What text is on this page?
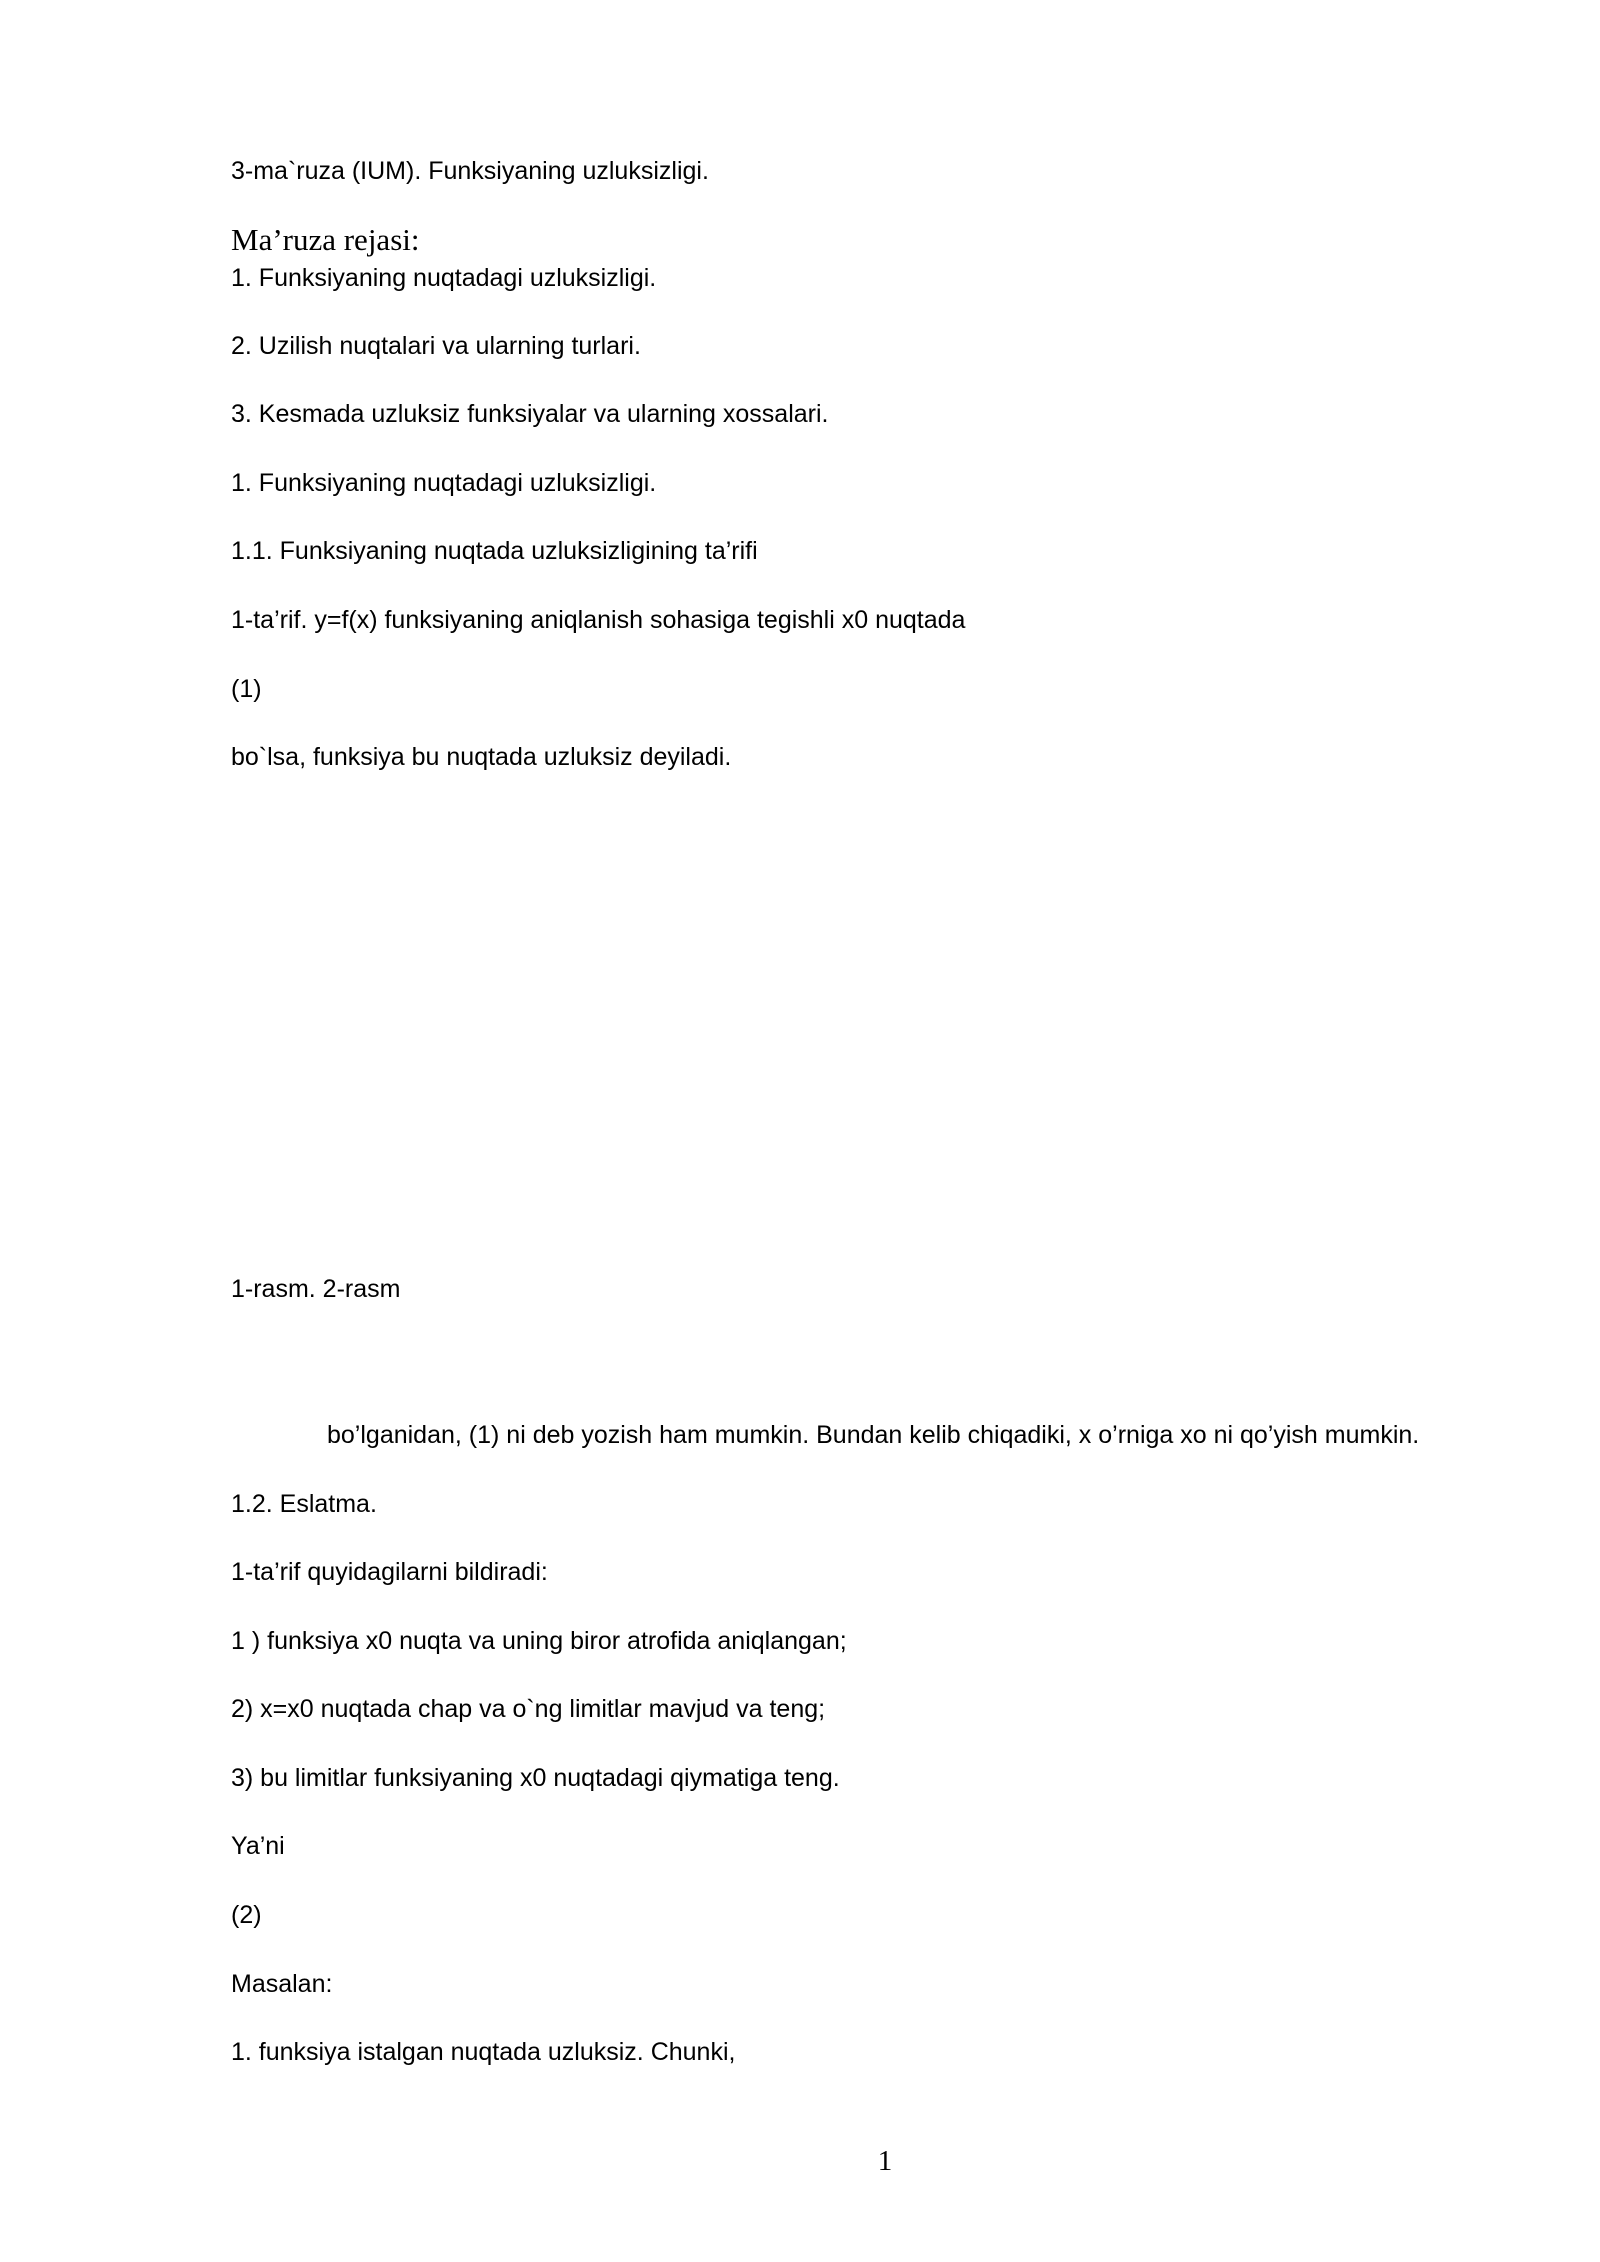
3-ma`ruza (IUM). Funksiyaning uzluksizligi.
Ma’ruza rejasi:
1. Funksiyaning nuqtadagi uzluksizligi.
2. Uzilish nuqtalari va ularning turlari.
3. Kesmada uzluksiz funksiyalar va ularning xossalari.
1. Funksiyaning nuqtadagi uzluksizligi.
1.1. Funksiyaning nuqtada uzluksizligining ta’rifi
1-ta’rif. y=f(x) funksiyaning aniqlanish sohasiga tegishli x0 nuqtada
(1)
bo`lsa, funksiya bu nuqtada uzluksiz deyiladi.
1-rasm. 2-rasm
bo’lganidan, (1) ni deb yozish ham mumkin. Bundan kelib chiqadiki, x o’rniga xo ni qo’yish mumkin.
1.2. Eslatma.
1-ta’rif quyidagilarni bildiradi:
1 ) funksiya x0 nuqta va uning biror atrofida aniqlangan;
2) x=x0 nuqtada chap va o`ng limitlar mavjud va teng;
3) bu limitlar funksiyaning x0 nuqtadagi qiymatiga teng.
Ya’ni
(2)
Masalan:
1. funksiya istalgan nuqtada uzluksiz. Chunki,
1
